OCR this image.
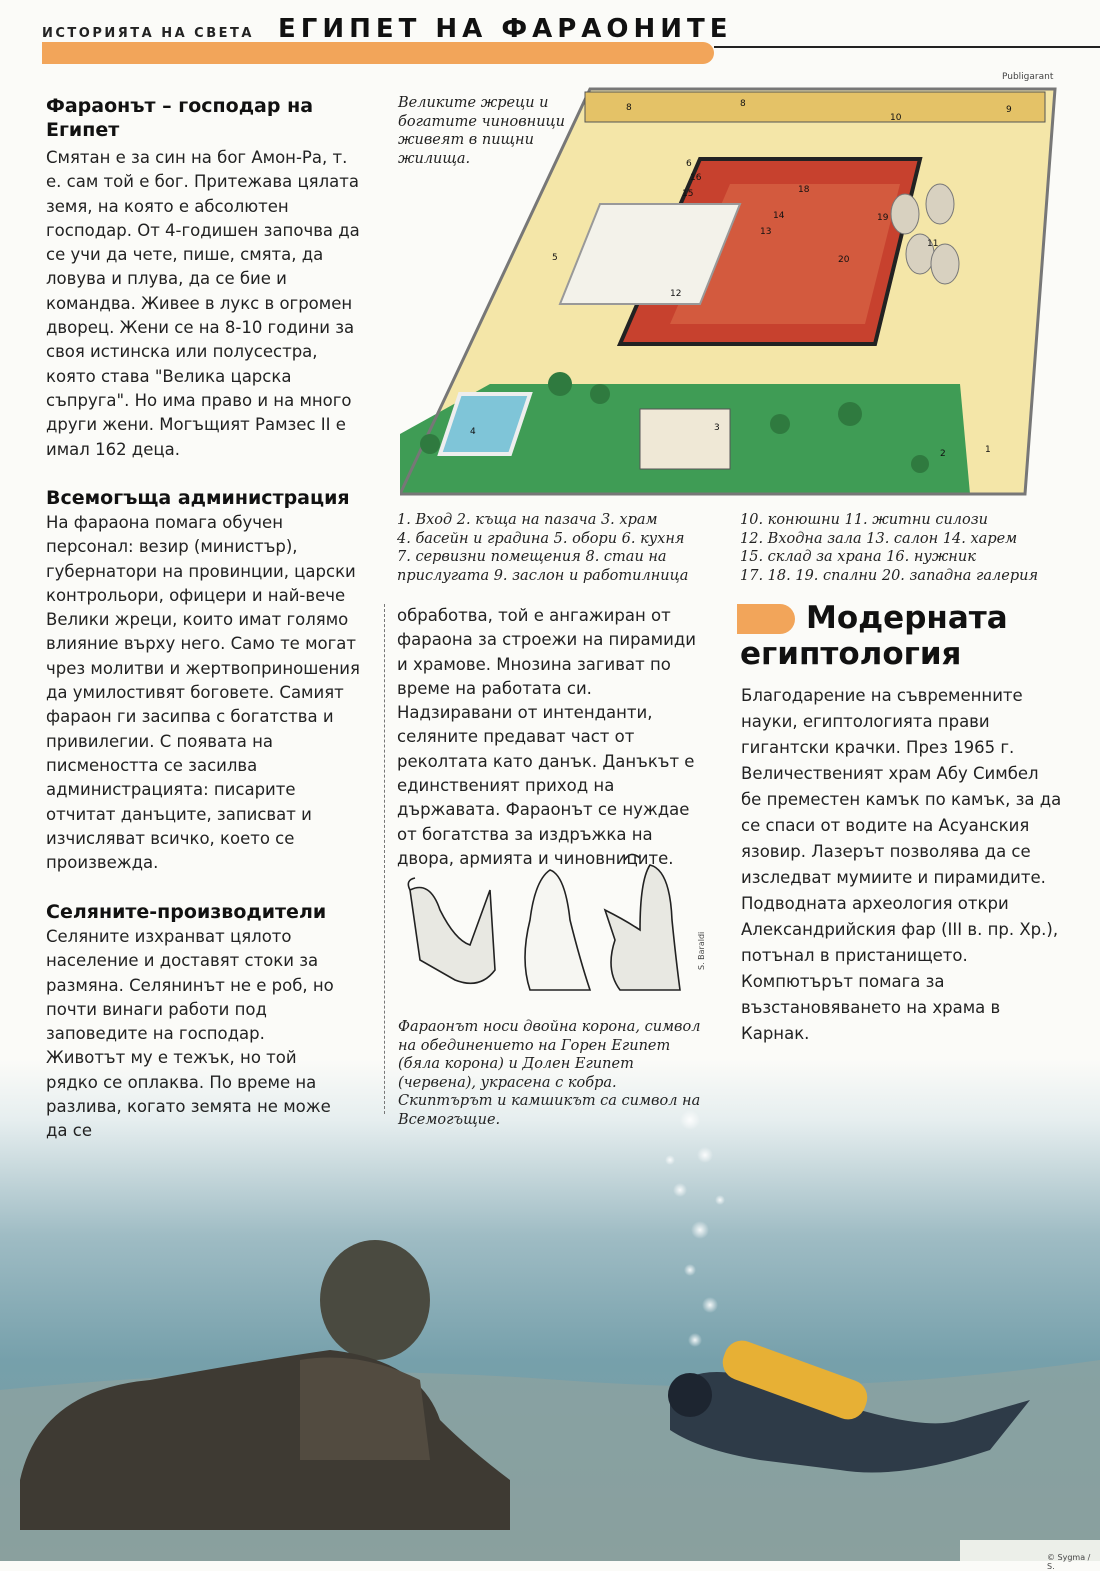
ИСТОРИЯТА НА СВЕТА ЕГИПЕТ НА ФАРАОНИТЕ
© Sygma / S.
Фараонът – господар на
Египет
Смятан е за син на бог Амон-Ра, т. е. сам той е бог. Притежава цялата земя, на която е абсолютен господар. От 4-годишен започва да се учи да чете, пише, смята, да ловува и плува, да се бие и командва. Живее в лукс в огромен дворец. Жени се на 8-10 години за своя истинска или полусестра, която става "Велика царска съпруга". Но има право и на много други жени. Могъщият Рамзес II е имал 162 деца.
Всемогъща администрация
На фараона помага обучен персонал: везир (министър), губернатори на провинции, царски контрольори, офицери и най-вече Велики жреци, които имат голямо влияние върху него. Само те могат чрез молитви и жертвоприношения да умилостивят боговете. Самият фараон ги засипва с богатства и привилегии. С появата на писмеността се засилва администрацията: писарите отчитат данъците, записват и изчисляват всичко, което се произвежда.
Селяните-производители
Селяните изхранват цялото население и доставят стоки за размяна. Селянинът не е роб, но почти винаги работи под заповедите на господар. Животът му е тежък, но той рядко се оплаква. По време на разлива, когато земята не може да се
1
2
3
4
5
6
8	8
9
10
11
12
13
14
15
16
18
19
20
Великите жреци и богатите чиновници живеят в пищни жилища.
Publigarant
1. Вход 2. къща на пазача 3. храм
4. басейн и градина 5. обори 6. кухня
7. сервизни помещения 8. стаи на
прислугата 9. заслон и работилница
10. конюшни 11. житни силози
12. Входна зала 13. салон 14. харем
15. склад за храна 16. нужник
17. 18. 19. спални 20. западна галерия
обработва, той е ангажиран от фараона за строежи на пирамиди и храмове. Мнозина загиват по време на работата си. Надзиравани от интенданти, селяните предават част от реколтата като данък. Данъкът е единственият приход на държавата. Фараонът се нуждае от богатства за издръжка на двора, армията и чиновниците.
S. Baraldi
Фараонът носи двойна корона, символ на обединението на Горен Египет (бяла корона) и Долен Египет (червена), украсена с кобра. Скиптърът и камшикът са символ на Всемогъщие.
Модерната
египтология
Благодарение на съвременните науки, египтологията прави гигантски крачки. През 1965 г. Величественият храм Абу Симбел бе преместен камък по камък, за да се спаси от водите на Асуанския язовир. Лазерът позволява да се изследват мумиите и пирамидите. Подводната археология откри Александрийския фар (III в. пр. Хр.), потънал в пристанището. Компютърът помага за възстановяването на храма в Карнак.
